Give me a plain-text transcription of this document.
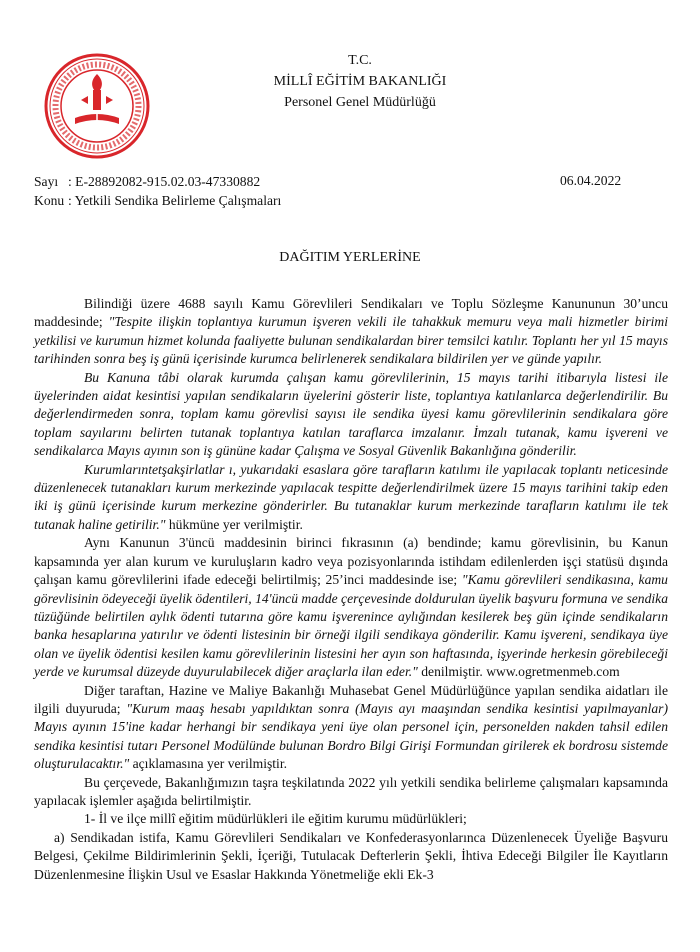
T.C.
MİLLÎ EĞİTİM BAKANLIĞI
Personel Genel Müdürlüğü
Sayı : E-28892082-915.02.03-47330882	06.04.2022
Konu : Yetkili Sendika Belirleme Çalışmaları
DAĞITIM YERLERİNE

Bilindiği üzere 4688 sayılı Kamu Görevlileri Sendikaları ve Toplu Sözleşme Kanununun 30’uncu maddesinde; "Tespite ilişkin toplantıya kurumun işveren vekili ile tahakkuk memuru veya mali hizmetler birimi yetkilisi ve kurumun hizmet kolunda faaliyette bulunan sendikalardan birer temsilci katılır. Toplantı her yıl 15 mayıs tarihinden sonra beş iş günü içerisinde kurumca belirlenerek sendikalara bildirilen yer ve günde yapılır.

Bu Kanuna tâbi olarak kurumda çalışan kamu görevlilerinin, 15 mayıs tarihi itibarıyla listesi ile üyelerinden aidat kesintisi yapılan sendikaların üyelerini gösterir liste, toplantıya katılanlarca değerlendirilir. Bu değerlendirmeden sonra, toplam kamu görevlisi sayısı ile sendika üyesi kamu görevlilerinin sendikalara göre toplam sayılarını belirten tutanak toplantıya katılan taraflarca imzalanır. İmzalı tutanak, kamu işvereni ve sendikalarca Mayıs ayının son iş gününe kadar Çalışma ve Sosyal Güvenlik Bakanlığına gönderilir.

Kurumlarıntetşakşirlatlar ı, yukarıdaki esaslara göre tarafların katılımı ile yapılacak toplantı neticesinde düzenlenecek tutanakları kurum merkezinde yapılacak tespitte değerlendirilmek üzere 15 mayıs tarihini takip eden iki iş günü içerisinde kurum merkezine gönderirler. Bu tutanaklar kurum merkezinde tarafların katılımı ile tek tutanak haline getirilir." hükmüne yer verilmiştir.

Aynı Kanunun 3'üncü maddesinin birinci fıkrasının (a) bendinde; kamu görevlisinin, bu Kanun kapsamında yer alan kurum ve kuruluşların kadro veya pozisyonlarında istihdam edilenlerden işçi statüsü dışında çalışan kamu görevlilerini ifade edeceği belirtilmiş; 25’inci maddesinde ise; "Kamu görevlileri sendikasına, kamu görevlisinin ödeyeceği üyelik ödentileri, 14'üncü madde çerçevesinde doldurulan üyelik başvuru formuna ve sendika tüzüğünde belirtilen aylık ödenti tutarına göre kamu işverenince aylığından kesilerek beş gün içinde sendikaların banka hesaplarına yatırılır ve ödenti listesinin bir örneği ilgili sendikaya gönderilir. Kamu işvereni, sendikaya üye olan ve üyelik ödentisi kesilen kamu görevlilerinin listesini her ayın son haftasında, işyerinde herkesin görebileceği yerde ve kurumsal düzeyde duyurulabilecek diğer araçlarla ilan eder." denilmiştir. www.ogretmenmeb.com

Diğer taraftan, Hazine ve Maliye Bakanlığı Muhasebat Genel Müdürlüğünce yapılan sendika aidatları ile ilgili duyuruda; "Kurum maaş hesabı yapıldıktan sonra (Mayıs ayı maaşından sendika kesintisi yapılmayanlar) Mayıs ayının 15'ine kadar herhangi bir sendikaya yeni üye olan personel için, personelden nakden tahsil edilen sendika kesintisi tutarı Personel Modülünde bulunan Bordro Bilgi Girişi Formundan girilerek ek bordrosu sistemde oluşturulacaktır." açıklamasına yer verilmiştir.

Bu çerçevede, Bakanlığımızın taşra teşkilatında 2022 yılı yetkili sendika belirleme çalışmaları kapsamında yapılacak işlemler aşağıda belirtilmiştir.

1- İl ve ilçe millî eğitim müdürlükleri ile eğitim kurumu müdürlükleri;

a) Sendikadan istifa, Kamu Görevlileri Sendikaları ve Konfederasyonlarınca Düzenlenecek Üyeliğe Başvuru Belgesi, Çekilme Bildirimlerinin Şekli, İçeriği, Tutulacak Defterlerin Şekli, İhtiva Edeceği Bilgiler İle Kayıtların Düzenlenmesine İlişkin Usul ve Esaslar Hakkında Yönetmeliğe ekli Ek-3
